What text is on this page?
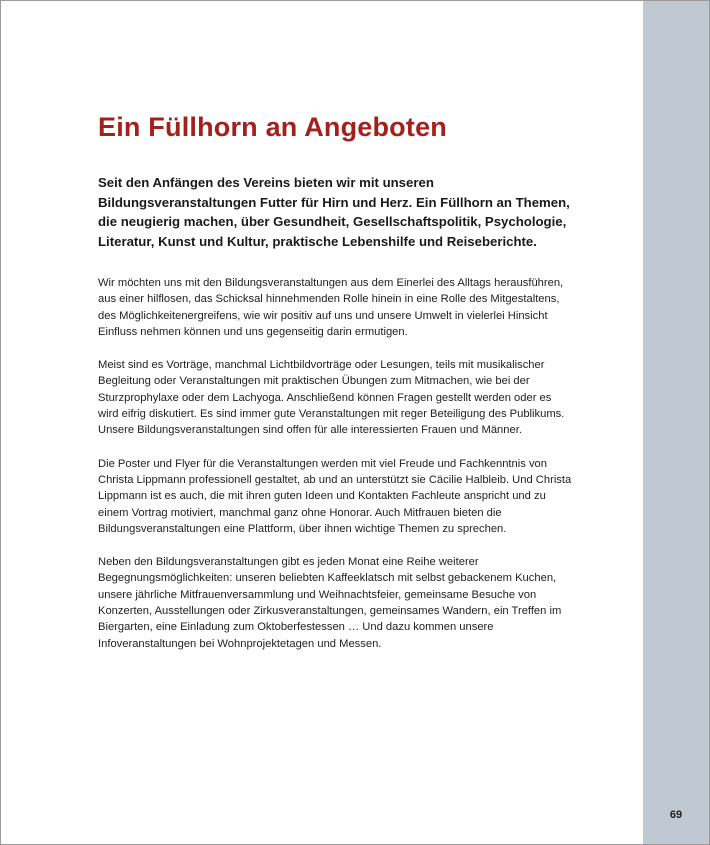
69
Ein Füllhorn an Angeboten

Seit den Anfängen des Vereins bieten wir mit unseren Bildungsveranstaltungen Futter für Hirn und Herz. Ein Füllhorn an Themen, die neugierig machen, über Gesundheit, Gesellschaftspolitik, Psychologie, Literatur, Kunst und Kultur, praktische Lebenshilfe und Reiseberichte.

Wir möchten uns mit den Bildungsveranstaltungen aus dem Einerlei des Alltags herausführen, aus einer hilflosen, das Schicksal hinnehmenden Rolle hinein in eine Rolle des Mitgestaltens, des Möglichkeitenergreifens, wie wir positiv auf uns und unsere Umwelt in vielerlei Hinsicht Einfluss nehmen können und uns gegenseitig darin ermutigen.

Meist sind es Vorträge, manchmal Lichtbildvorträge oder Lesungen, teils mit musikalischer Begleitung oder Veranstaltungen mit praktischen Übungen zum Mitmachen, wie bei der Sturzprophylaxe oder dem Lachyoga. Anschließend können Fragen gestellt werden oder es wird eifrig diskutiert. Es sind immer gute Veranstaltungen mit reger Beteiligung des Publikums. Unsere Bildungsveranstaltungen sind offen für alle interessierten Frauen und Männer.

Die Poster und Flyer für die Veranstaltungen werden mit viel Freude und Fachkenntnis von Christa Lippmann professionell gestaltet, ab und an unterstützt sie Cäcilie Halbleib. Und Christa Lippmann ist es auch, die mit ihren guten Ideen und Kontakten Fachleute anspricht und zu einem Vortrag motiviert, manchmal ganz ohne Honorar. Auch Mitfrauen bieten die Bildungsveranstaltungen eine Plattform, über ihnen wichtige Themen zu sprechen.

Neben den Bildungsveranstaltungen gibt es jeden Monat eine Reihe weiterer Begegnungsmöglichkeiten: unseren beliebten Kaffeeklatsch mit selbst gebackenem Kuchen, unsere jährliche Mitfrauenversammlung und Weihnachtsfeier, gemeinsame Besuche von Konzerten, Ausstellungen oder Zirkusveranstaltungen, gemeinsames Wandern, ein Treffen im Biergarten, eine Einladung zum Oktoberfestessen … Und dazu kommen unsere Infoveranstaltungen bei Wohnprojektetagen und Messen.
